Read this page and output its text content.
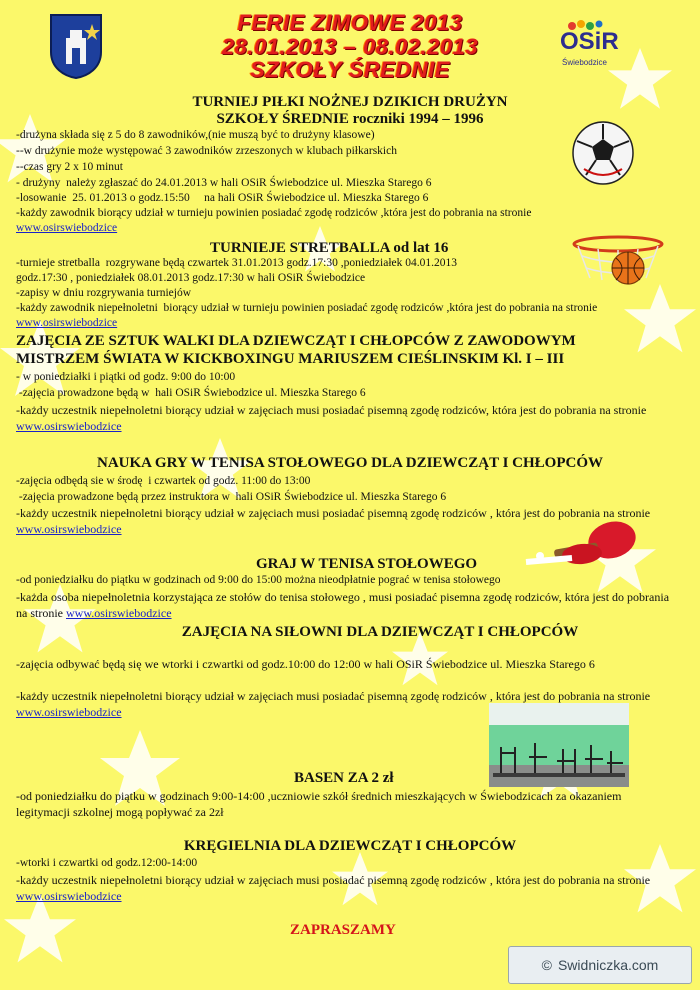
FERIE ZIMOWE 2013
28.01.2013 – 08.02.2013
SZKOŁY ŚREDNIE
OSiR
Świebodzice
TURNIEJ PIŁKI NOŻNEJ DZIKICH DRUŻYN
SZKOŁY ŚREDNIE roczniki 1994 – 1996
-drużyna składa się z 5 do 8 zawodników,(nie muszą być to drużyny klasowe)
--w drużynie może występować 3 zawodników zrzeszonych w klubach piłkarskich
--czas gry 2 x 10 minut
- drużyny  należy zgłaszać do 24.01.2013 w hali OSiR Świebodzice ul. Mieszka Starego 6
-losowanie  25. 01.2013 o godz.15:50     na hali OSiR Świebodzice ul. Mieszka Starego 6
-każdy zawodnik biorący udział w turnieju powinien posiadać zgodę rodziców ,która jest do pobrania na stronie
www.osirswiebodzice
TURNIEJE STRETBALLA od lat 16
-turnieje stretballa  rozgrywane będą czwartek 31.01.2013 godz.17:30 ,poniedziałek 04.01.2013
godz.17:30 , poniedziałek 08.01.2013 godz.17:30 w hali OSiR Świebodzice
-zapisy w dniu rozgrywania turniejów
-każdy zawodnik niepełnoletni  biorący udział w turnieju powinien posiadać zgodę rodziców ,która jest do pobrania na stronie
www.osirswiebodzice
ZAJĘCIA ZE SZTUK WALKI DLA DZIEWCZĄT I CHŁOPCÓW Z ZAWODOWYM
MISTRZEM ŚWIATA W KICKBOXINGU MARIUSZEM CIEŚLINSKIM Kl. I – III
- w poniedziałki i piątki od godz. 9:00 do 10:00
-zajęcia prowadzone będą w  hali OSiR Świebodzice ul. Mieszka Starego 6
-każdy uczestnik niepełnoletni biorący udział w zajęciach musi posiadać pisemną zgodę rodziców, która jest do pobrania na stronie www.osirswiebodzice
NAUKA GRY W TENISA STOŁOWEGO DLA DZIEWCZĄT I CHŁOPCÓW
-zajęcia odbędą sie w środę  i czwartek od godz. 11:00 do 13:00
-zajęcia prowadzone będą przez instruktora w  hali OSiR Świebodzice ul. Mieszka Starego 6
-każdy uczestnik niepełnoletni biorący udział w zajęciach musi posiadać pisemną zgodę rodziców , która jest do pobrania na stronie www.osirswiebodzice
GRAJ W TENISA STOŁOWEGO
-od poniedziałku do piątku w godzinach od 9:00 do 15:00 można nieodpłatnie pograć w tenisa stołowego
-każda osoba niepełnoletnia korzystająca ze stołów do tenisa stołowego , musi posiadać pisemna zgodę rodziców, która jest do pobrania na stronie www.osirswiebodzice
ZAJĘCIA NA SIŁOWNI DLA DZIEWCZĄT I CHŁOPCÓW
-zajęcia odbywać będą się we wtorki i czwartki od godz.10:00 do 12:00 w hali OSiR Świebodzice ul. Mieszka Starego 6
-każdy uczestnik niepełnoletni biorący udział w zajęciach musi posiadać pisemną zgodę rodziców , która jest do pobrania na stronie www.osirswiebodzice
BASEN ZA 2 zł
-od poniedziałku do piątku w godzinach 9:00-14:00 ,uczniowie szkół średnich mieszkających w Świebodzicach za okazaniem legitymacji szkolnej mogą popływać za 2zł
KRĘGIELNIA DLA DZIEWCZĄT I CHŁOPCÓW
-wtorki i czwartki od godz.12:00-14:00
-każdy uczestnik niepełnoletni biorący udział w zajęciach musi posiadać pisemną zgodę rodziców , która jest do pobrania na stronie www.osirswiebodzice
ZAPRASZAMY
© Swidniczka.com
